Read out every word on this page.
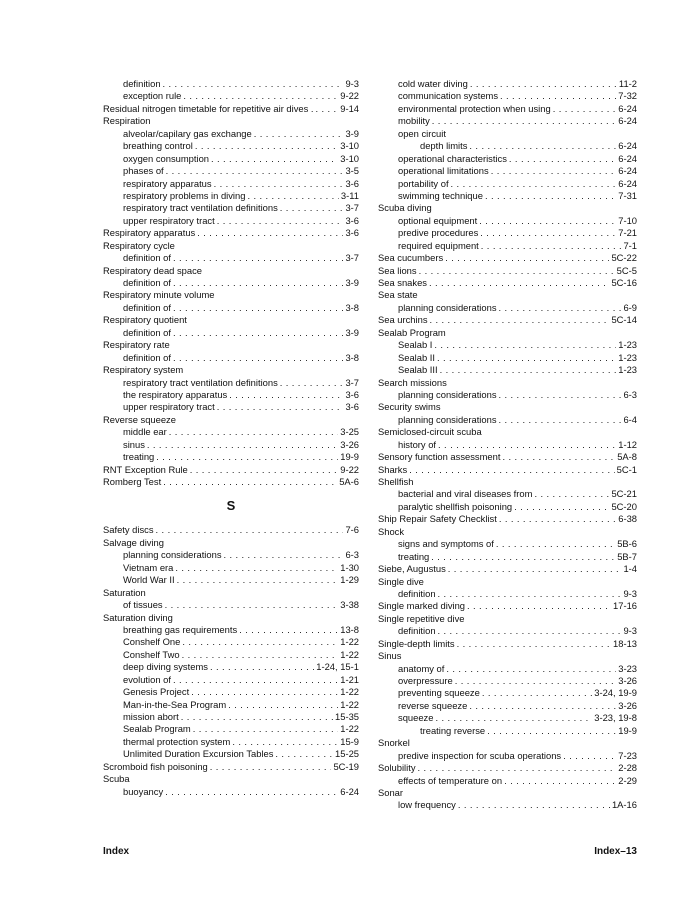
definition . . .	9-3
exception rule . . .	9-22
Residual nitrogen timetable for repetitive air dives . . . .	9-14
Respiration
alveolar/capilary gas exchange . . .	3-9
breathing control . . .	3-10
oxygen consumption . . .	3-10
phases of . . .	3-5
respiratory apparatus . . .	3-6
respiratory problems in diving . . .	3-11
respiratory tract ventilation definitions . . .	3-7
upper respiratory tract . . .	3-6
Respiratory apparatus . . .	3-6
Respiratory cycle
definition of . . .	3-7
Respiratory dead space
definition of . . .	3-9
Respiratory minute volume
definition of . . .	3-8
Respiratory quotient
definition of . . .	3-9
Respiratory rate
definition of . . .	3-8
Respiratory system
respiratory tract ventilation definitions . . .	3-7
the respiratory apparatus . . .	3-6
upper respiratory tract . . .	3-6
Reverse squeeze
middle ear . . .	3-25
sinus . . .	3-26
treating . . .	19-9
RNT Exception Rule . . .	9-22
Romberg Test . . .	5A-6
S
Safety discs . . .	7-6
Salvage diving
planning considerations . . .	6-3
Vietnam era . . .	1-30
World War II . . .	1-29
Saturation
of tissues . . .	3-38
Saturation diving
breathing gas requirements . . .	13-8
Conshelf One . . .	1-22
Conshelf Two . . .	1-22
deep diving systems . . .	1-24, 15-1
evolution of . . .	1-21
Genesis Project . . .	1-22
Man-in-the-Sea Program . . .	1-22
mission abort . . .	15-35
Sealab Program . . .	1-22
thermal protection system . . .	15-9
Unlimited Duration Excursion Tables . . .	15-25
Scromboid fish poisoning . . .	5C-19
Scuba
buoyancy . . .	6-24
cold water diving . . .	11-2
communication systems . . .	7-32
environmental protection when using . . .	6-24
mobility . . .	6-24
open circuit
depth limits . . .	6-24
operational characteristics . . .	6-24
operational limitations . . .	6-24
portability of . . .	6-24
swimming technique . . .	7-31
Scuba diving
optional equipment . . .	7-10
predive procedures . . .	7-21
required equipment . . .	7-1
Sea cucumbers . . .	5C-22
Sea lions . . .	5C-5
Sea snakes . . .	5C-16
Sea state
planning considerations . . .	6-9
Sea urchins . . .	5C-14
Sealab Program
Sealab I . . .	1-23
Sealab II . . .	1-23
Sealab III . . .	1-23
Search missions
planning considerations . . .	6-3
Security swims
planning considerations . . .	6-4
Semiclosed-circuit scuba
history of . . .	1-12
Sensory function assessment . . .	5A-8
Sharks . . .	5C-1
Shellfish
bacterial and viral diseases from . . .	5C-21
paralytic shellfish poisoning . . .	5C-20
Ship Repair Safety Checklist . . .	6-38
Shock
signs and symptoms of . . .	5B-6
treating . . .	5B-7
Siebe, Augustus . . .	1-4
Single dive
definition . . .	9-3
Single marked diving . . .	17-16
Single repetitive dive
definition . . .	9-3
Single-depth limits . . .	18-13
Sinus
anatomy of . . .	3-23
overpressure . . .	3-26
preventing squeeze . . .	3-24, 19-9
reverse squeeze . . .	3-26
squeeze . . .	3-23, 19-8
treating reverse . . .	19-9
Snorkel
predive inspection for scuba operations . . .	7-23
Solubility . . .	2-28
effects of temperature on . . .	2-29
Sonar
low frequency . . .	1A-16
Index	Index–13
